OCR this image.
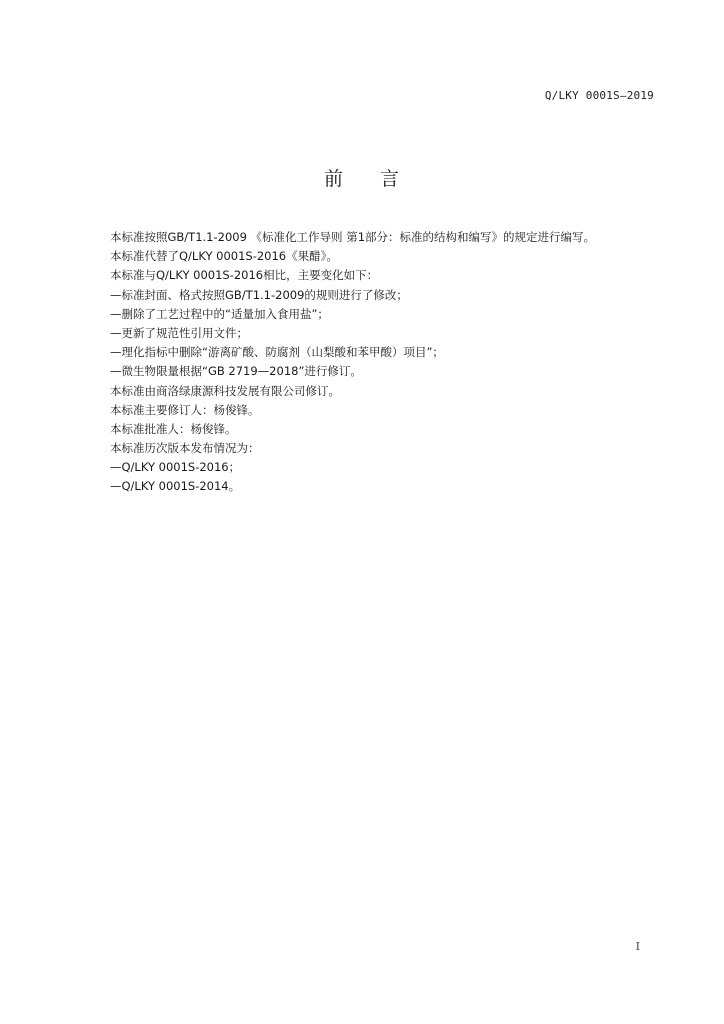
Q/LKY 0001S—2019
前 言
本标准按照GB/T1.1-2009 《标准化工作导则 第1部分：标准的结构和编写》的规定进行编写。
本标准代替了Q/LKY 0001S-2016《果醋》。
本标准与Q/LKY 0001S-2016相比，主要变化如下：
—标准封面、格式按照GB/T1.1-2009的规则进行了修改；
—删除了工艺过程中的“适量加入食用盐”；
—更新了规范性引用文件；
—理化指标中删除“游离矿酸、防腐剂（山梨酸和苯甲酸）项目”；
—微生物限量根据“GB 2719—2018”进行修订。
本标准由商洛绿康源科技发展有限公司修订。
本标准主要修订人：杨俊锋。
本标准批准人：杨俊锋。
本标准历次版本发布情况为：
—Q/LKY 0001S-2016；
—Q/LKY 0001S-2014。
I
